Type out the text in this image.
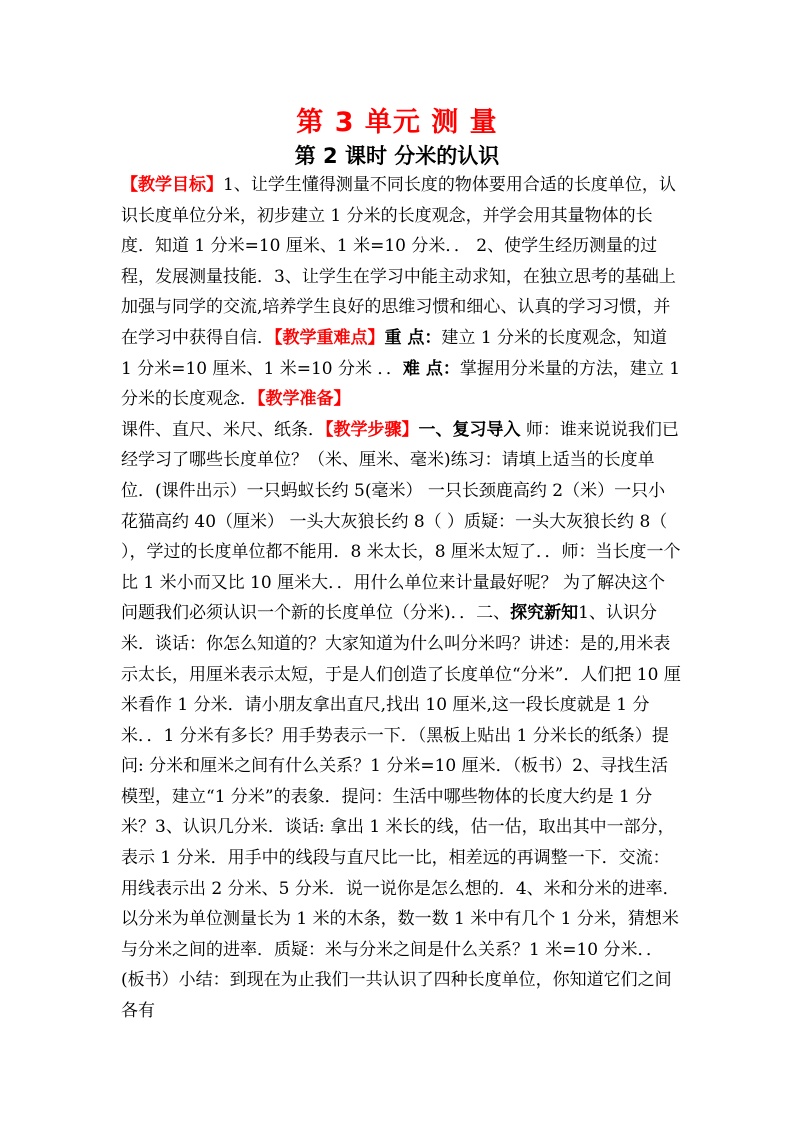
第 3 单元 测 量
第 2 课时 分米的认识
【教学目标】1、让学生懂得测量不同长度的物体要用合适的长度单位，认识长度单位分米，初步建立 1 分米的长度观念，并学会用其量物体的长度．知道 1 分米=10 厘米、1 米=10 分米．． 2、使学生经历测量的过程，发展测量技能．3、让学生在学习中能主动求知，在独立思考的基础上加强与同学的交流,培养学生良好的思维习惯和细心、认真的学习习惯，并在学习中获得自信．【教学重难点】重 点：建立 1 分米的长度观念，知道 1 分米=10 厘米、1 米=10 分米 ．．难 点：掌握用分米量的方法，建立 1 分米的长度观念．【教学准备】
课件、直尺、米尺、纸条．【教学步骤】一、复习导入 师：谁来说说我们已经学习了哪些长度单位？（米、厘米、毫米)练习：请填上适当的长度单位．(课件出示）一只蚂蚁长约 5(毫米） 一只长颈鹿高约 2（米）一只小花猫高约 40（厘米） 一头大灰狼长约 8（ ）质疑：一头大灰狼长约 8（ ），学过的长度单位都不能用．8 米太长，8 厘米太短了．．师：当长度一个比 1 米小而又比 10 厘米大．．用什么单位来计量最好呢？ 为了解决这个问题我们必须认识一个新的长度单位（分米)．．二、探究新知1、认识分米．谈话：你怎么知道的？大家知道为什么叫分米吗？讲述：是的,用米表示太长，用厘米表示太短，于是人们创造了长度单位“分米”．人们把 10 厘米看作 1 分米．请小朋友拿出直尺,找出 10 厘米,这一段长度就是 1 分米．．1 分米有多长？用手势表示一下．（黑板上贴出 1 分米长的纸条）提问: 分米和厘米之间有什么关系？1 分米=10 厘米．（板书）2、寻找生活模型，建立“1 分米”的表象．提问：生活中哪些物体的长度大约是 1 分米？3、认识几分米．谈话: 拿出 1 米长的线，估一估，取出其中一部分，表示 1 分米．用手中的线段与直尺比一比，相差远的再调整一下．交流：用线表示出 2 分米、5 分米．说一说你是怎么想的．4、米和分米的进率．以分米为单位测量长为 1 米的木条，数一数 1 米中有几个 1 分米，猜想米与分米之间的进率．质疑：米与分米之间是什么关系？1 米=10 分米．．(板书）小结：到现在为止我们一共认识了四种长度单位，你知道它们之间各有
